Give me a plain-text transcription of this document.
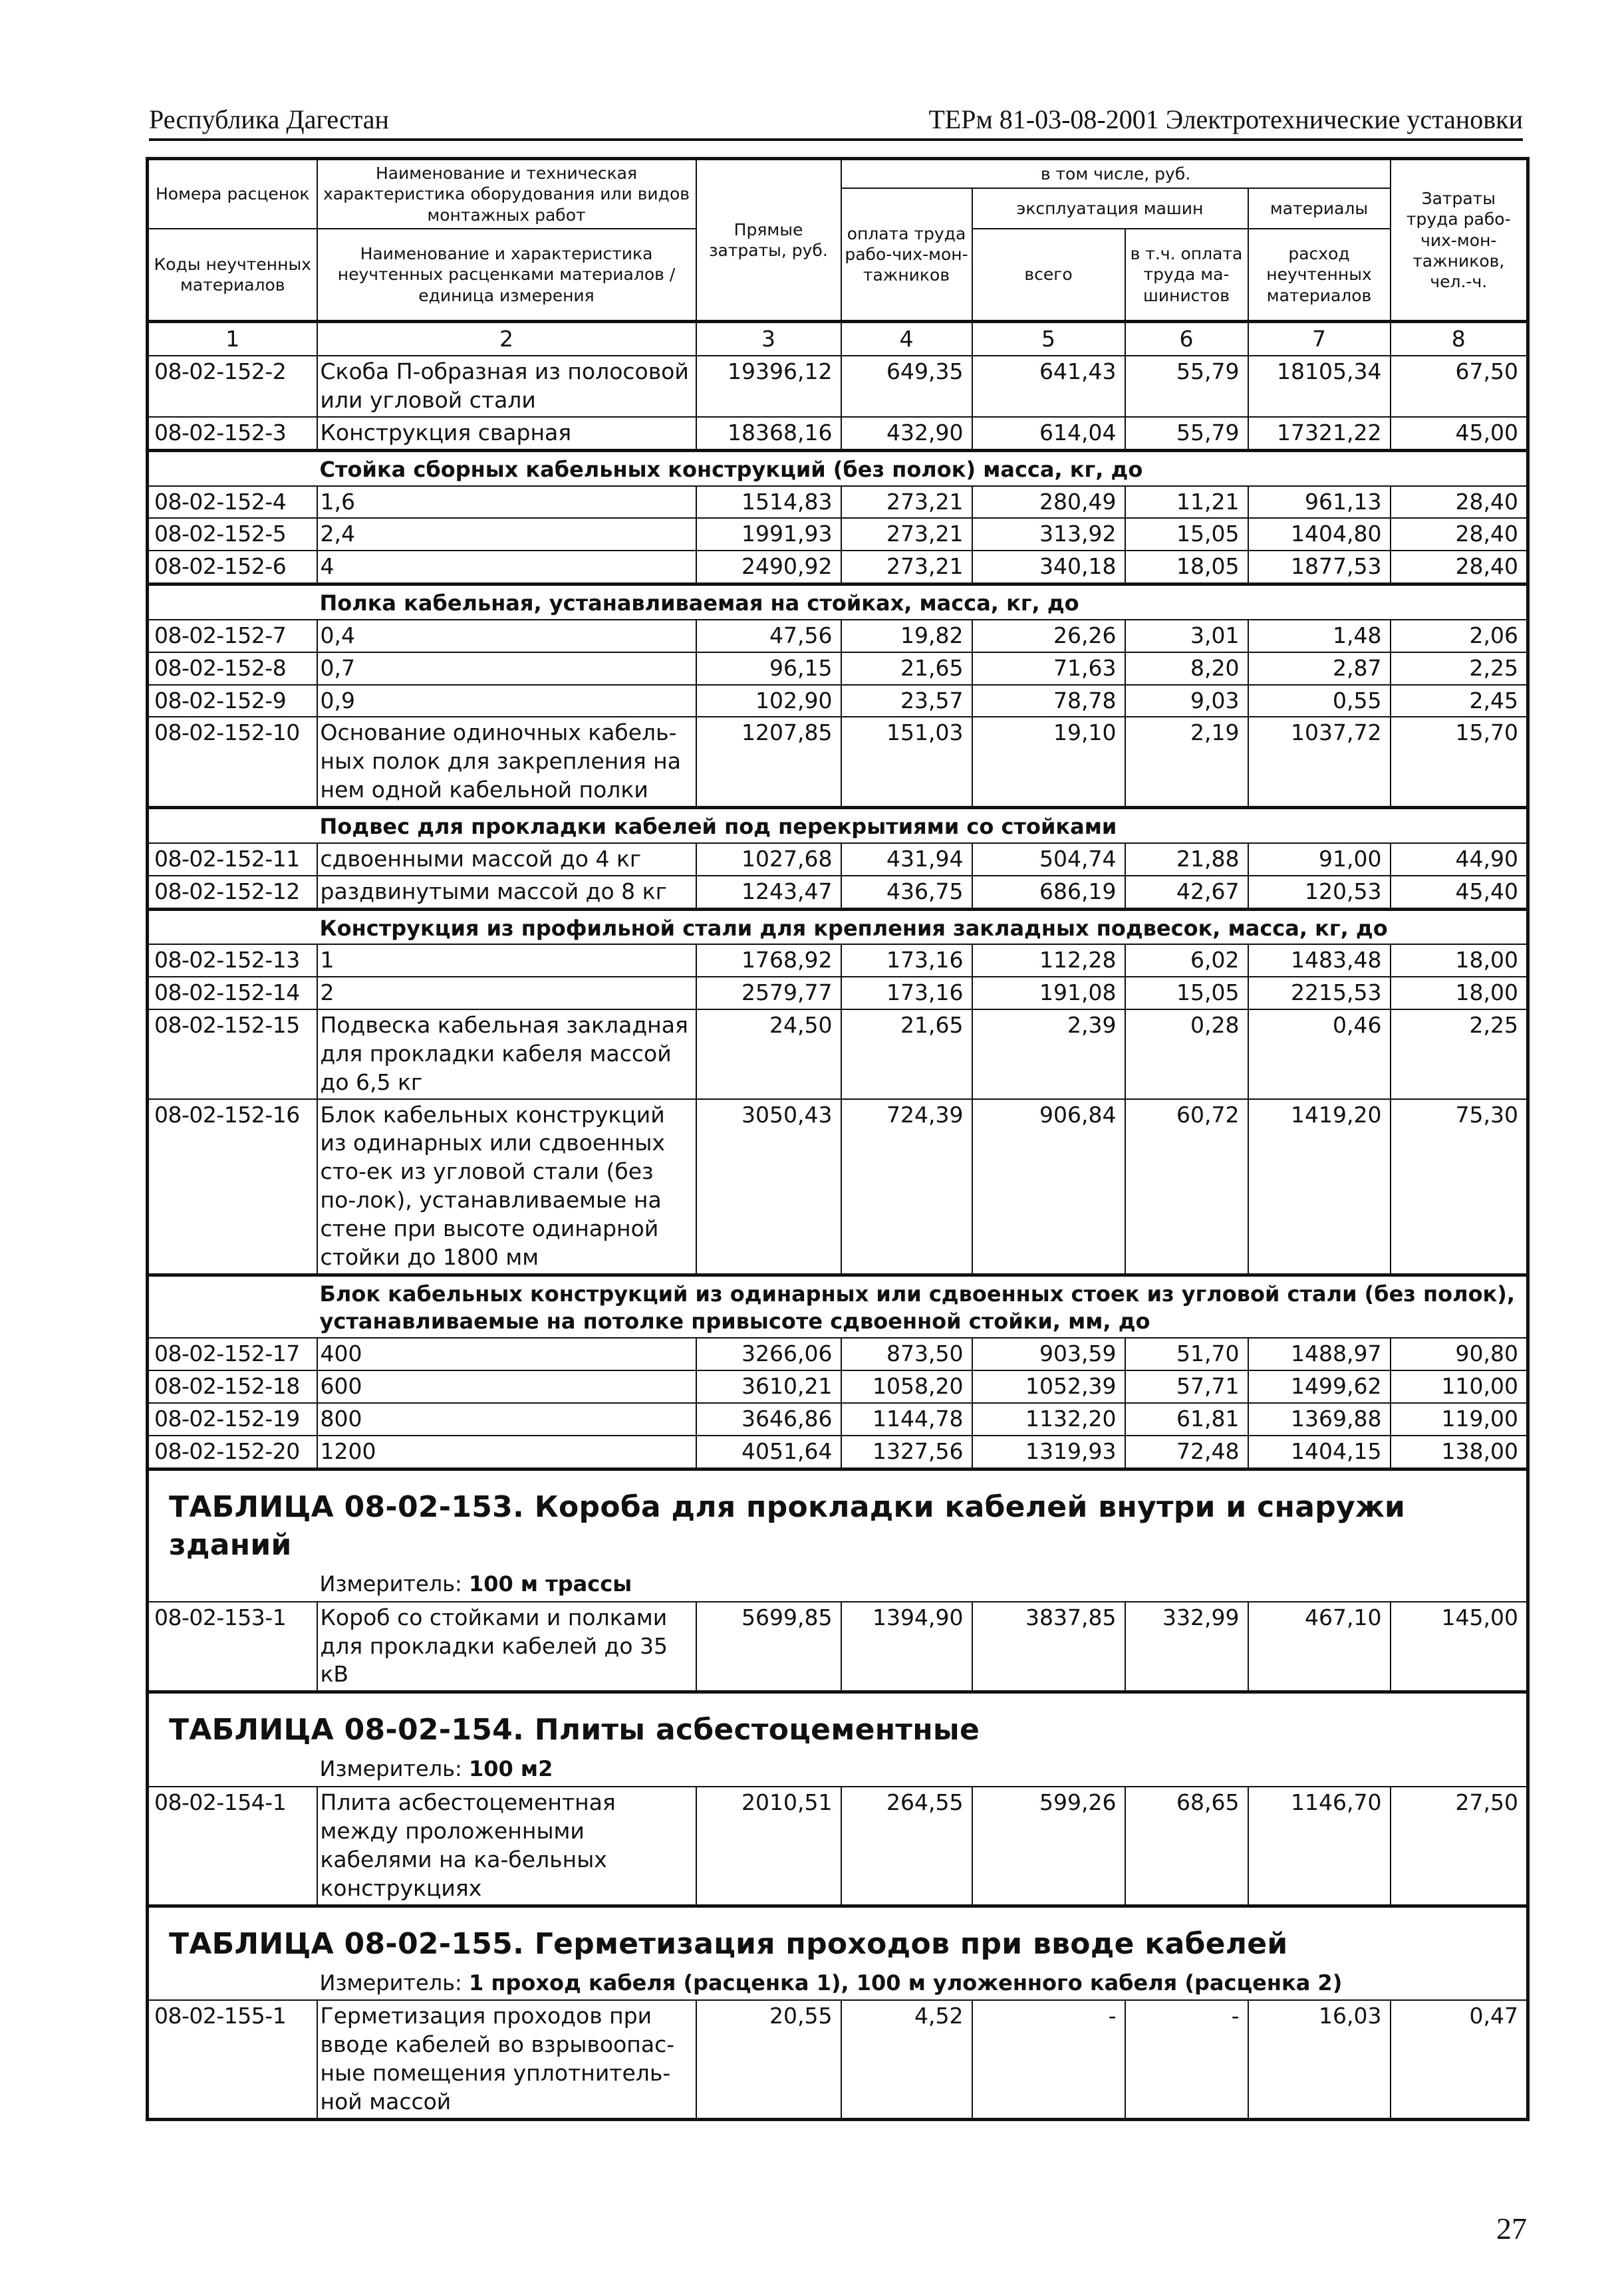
Республика Дагестан	ТЕРм 81-03-08-2001 Электротехнические установки
Номера расценок	Наименование и техническая характеристика оборудования или видов монтажных работ	Прямые затраты, руб.	в том числе, руб.				Затраты труда рабо-чих-мон-тажников, чел.-ч.
			оплата труда рабо-чих-мон-тажников	эксплуатация машин		материалы	
Коды неучтенных материалов	Наименование и характеристика неучтенных расценками материалов / единица измерения			всего	в т.ч. оплата труда ма-шинистов	расход неучтенных материалов	

1	2	3	4	5	6	7	8
08-02-152-2	Скоба П-образная из полосовой или угловой стали	19396,12	649,35	641,43	55,79	18105,34	67,50
08-02-152-3	Конструкция сварная	18368,16	432,90	614,04	55,79	17321,22	45,00
	Стойка сборных кабельных конструкций (без полок) масса, кг, до						
08-02-152-4	1,6	1514,83	273,21	280,49	11,21	961,13	28,40
08-02-152-5	2,4	1991,93	273,21	313,92	15,05	1404,80	28,40
08-02-152-6	4	2490,92	273,21	340,18	18,05	1877,53	28,40
	Полка кабельная, устанавливаемая на стойках, масса, кг, до						
08-02-152-7	0,4	47,56	19,82	26,26	3,01	1,48	2,06
08-02-152-8	0,7	96,15	21,65	71,63	8,20	2,87	2,25
08-02-152-9	0,9	102,90	23,57	78,78	9,03	0,55	2,45
08-02-152-10	Основание одиночных кабель-ных полок для закрепления на нем одной кабельной полки	1207,85	151,03	19,10	2,19	1037,72	15,70
	Подвес для прокладки кабелей под перекрытиями со стойками						
08-02-152-11	сдвоенными массой до 4 кг	1027,68	431,94	504,74	21,88	91,00	44,90
08-02-152-12	раздвинутыми массой до 8 кг	1243,47	436,75	686,19	42,67	120,53	45,40
	Конструкция из профильной стали для крепления закладных подвесок, масса, кг, до						
08-02-152-13	1	1768,92	173,16	112,28	6,02	1483,48	18,00
08-02-152-14	2	2579,77	173,16	191,08	15,05	2215,53	18,00
08-02-152-15	Подвеска кабельная закладная для прокладки кабеля массой до 6,5 кг	24,50	21,65	2,39	0,28	0,46	2,25
08-02-152-16	Блок кабельных конструкций из одинарных или сдвоенных сто-ек из угловой стали (без по-лок), устанавливаемые на стене при высоте одинарной стойки до 1800 мм	3050,43	724,39	906,84	60,72	1419,20	75,30
	Блок кабельных конструкций из одинарных или сдвоенных стоек из угловой стали (без полок), устанавливаемые на потолке привысоте сдвоенной стойки, мм, до						
08-02-152-17	400	3266,06	873,50	903,59	51,70	1488,97	90,80
08-02-152-18	600	3610,21	1058,20	1052,39	57,71	1499,62	110,00
08-02-152-19	800	3646,86	1144,78	1132,20	61,81	1369,88	119,00
08-02-152-20	1200	4051,64	1327,56	1319,93	72,48	1404,15	138,00
ТАБЛИЦА 08-02-153. Короба для прокладки кабелей внутри и снаружи зданий							
	Измеритель: 100 м трассы						
08-02-153-1	Короб со стойками и полками для прокладки кабелей до 35 кВ	5699,85	1394,90	3837,85	332,99	467,10	145,00
ТАБЛИЦА 08-02-154. Плиты асбестоцементные							
	Измеритель: 100 м2						
08-02-154-1	Плита асбестоцементная между проложенными кабелями на ка-бельных конструкциях	2010,51	264,55	599,26	68,65	1146,70	27,50
ТАБЛИЦА 08-02-155. Герметизация проходов при вводе кабелей							
	Измеритель: 1 проход кабеля (расценка 1), 100 м уложенного кабеля (расценка 2)						
08-02-155-1	Герметизация проходов при вводе кабелей во взрывоопас-ные помещения уплотнитель-ной массой	20,55	4,52	-	-	16,03	0,47
27
